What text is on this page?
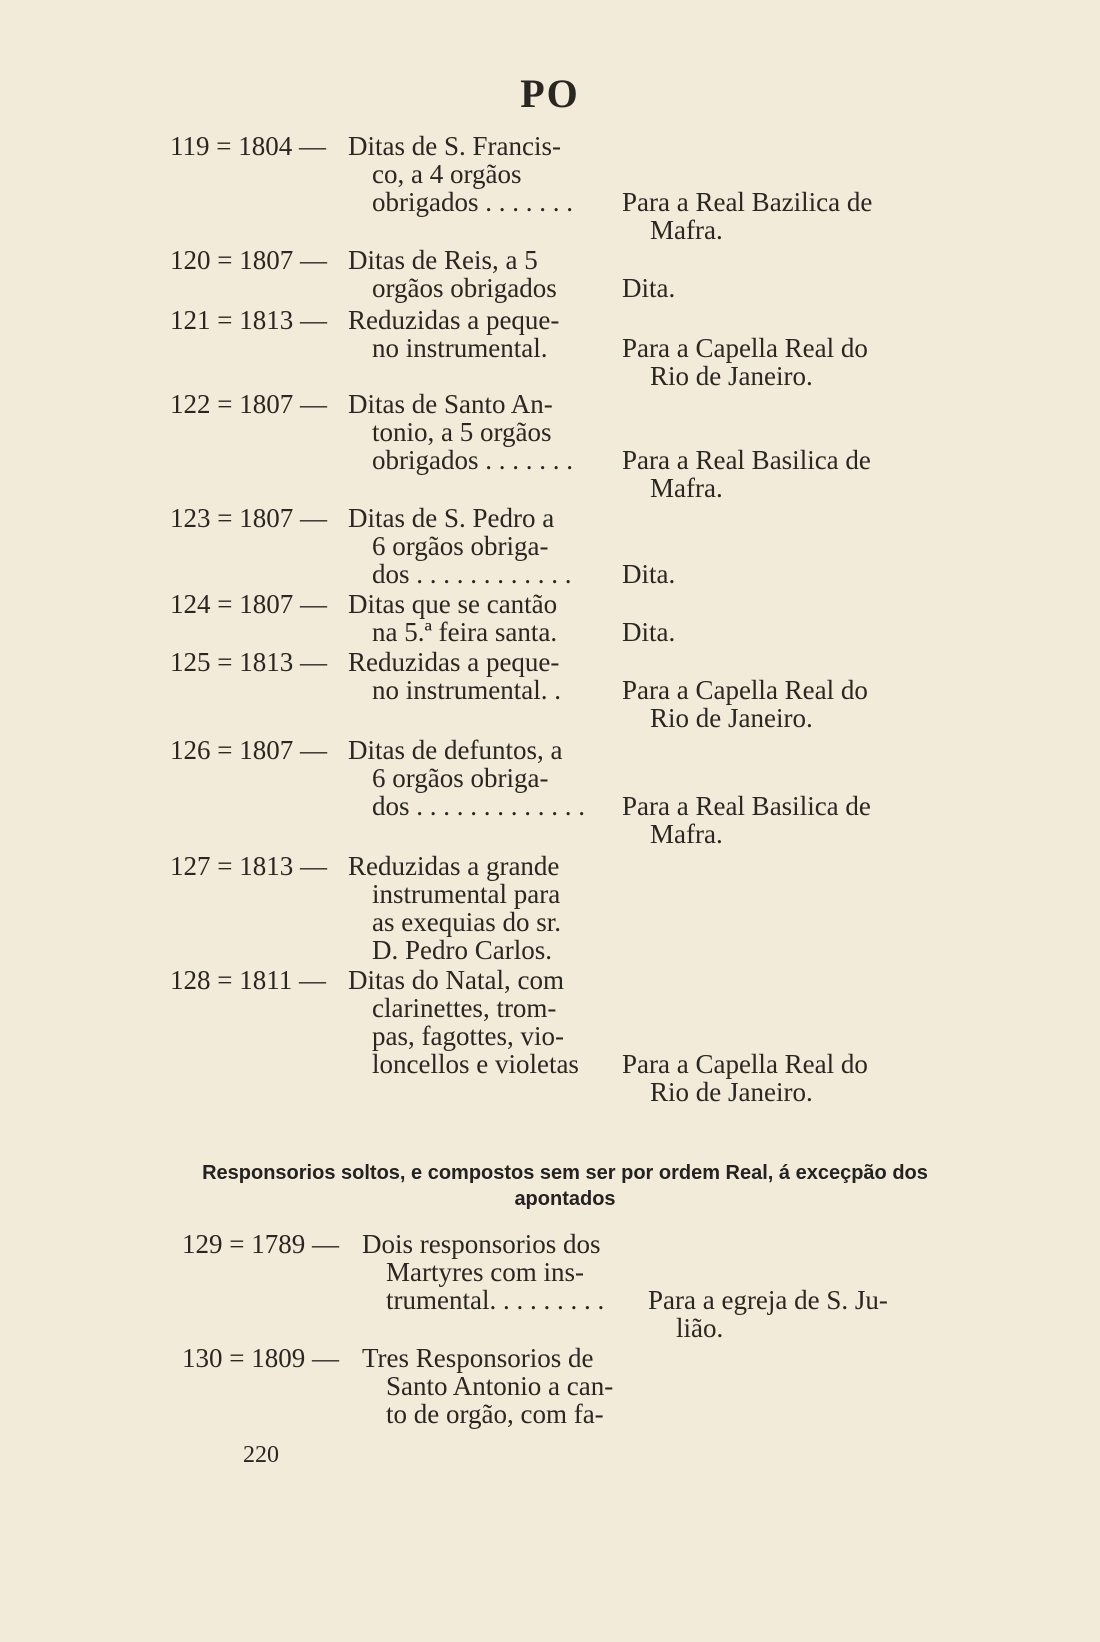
PO
119 = 1804 — Ditas de S. Francis-
co, a 4 orgãos
obrigados . . . . . . . Para a Real Bazilica de
Mafra.
120 = 1807 — Ditas de Reis, a 5
orgãos obrigados Dita.
121 = 1813 — Reduzidas a peque-
no instrumental.	Para a Capella Real do
Rio de Janeiro.
122 = 1807 — Ditas de Santo An-
tonio, a 5 orgãos
obrigados . . . . . . . Para a Real Basilica de
Mafra.
123 = 1807 — Ditas de S. Pedro a
6 orgãos obriga-
dos . . . . . . . . . . . . Dita.
124 = 1807 — Ditas que se cantão
na 5.ª feira santa. Dita.
125 = 1813 — Reduzidas a peque-
no instrumental. . Para a Capella Real do
Rio de Janeiro.
126 = 1807 — Ditas de defuntos, a
6 orgãos obriga-
dos . . . . . . . . . . . . . Para a Real Basilica de
Mafra.
127 = 1813 — Reduzidas a grande
instrumental para
as exequias do sr.
D. Pedro Carlos.
128 = 1811 — Ditas do Natal, com
clarinettes, trom-
pas, fagottes, vio-
loncellos e violetas Para a Capella Real do
Rio de Janeiro.
Responsorios soltos, e compostos sem ser por ordem Real, á exceçpão dos apontados
129 = 1789 — Dois responsorios dos
Martyres com ins-
trumental. . . . . . . . . Para a egreja de S. Ju-
lião.
130 = 1809 — Tres Responsorios de
Santo Antonio a can-
to de orgão, com fa-
220
